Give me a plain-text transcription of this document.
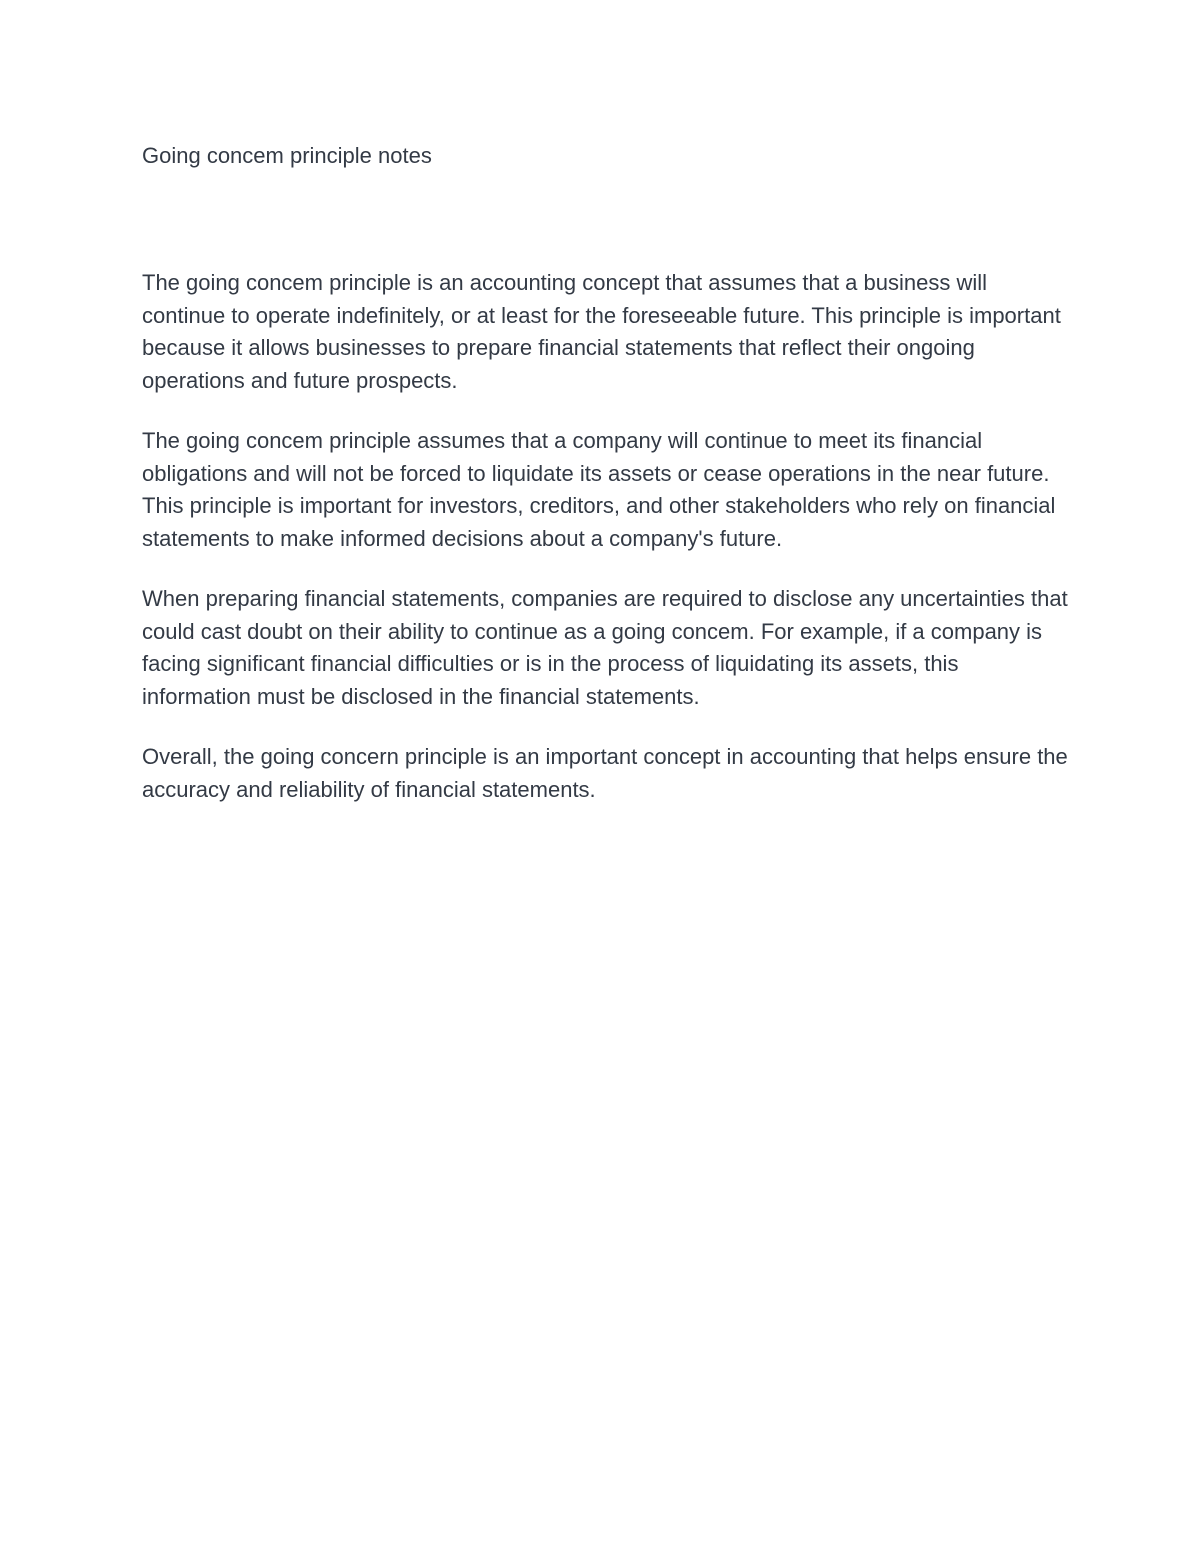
Going concem principle notes

The going concem principle is an accounting concept that assumes that a business will continue to operate indefinitely, or at least for the foreseeable future. This principle is important because it allows businesses to prepare financial statements that reflect their ongoing operations and future prospects.

The going concem principle assumes that a company will continue to meet its financial obligations and will not be forced to liquidate its assets or cease operations in the near future. This principle is important for investors, creditors, and other stakeholders who rely on financial statements to make informed decisions about a company's future.

When preparing financial statements, companies are required to disclose any uncertainties that could cast doubt on their ability to continue as a going concem. For example, if a company is facing significant financial difficulties or is in the process of liquidating its assets, this information must be disclosed in the financial statements.

Overall, the going concern principle is an important concept in accounting that helps ensure the accuracy and reliability of financial statements.
